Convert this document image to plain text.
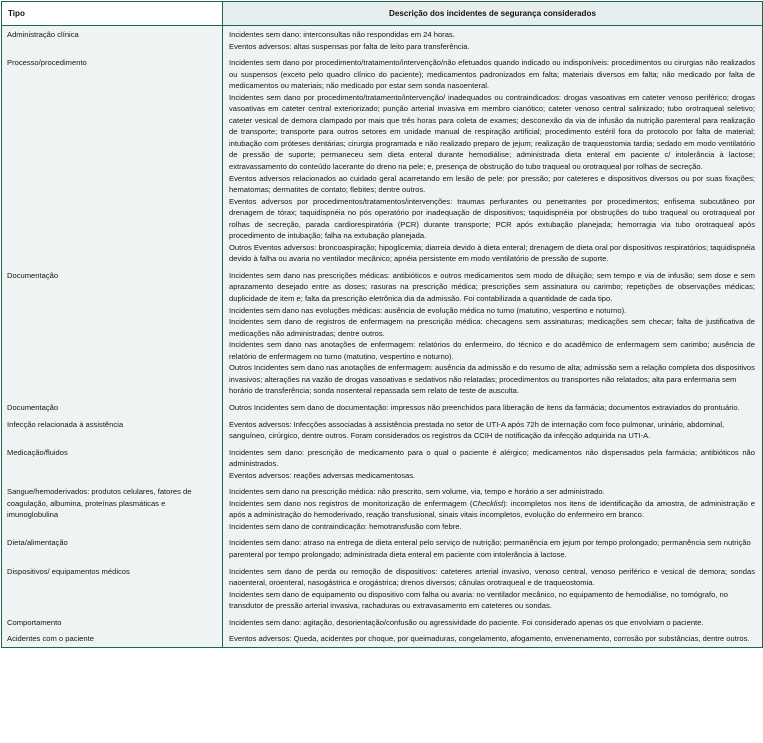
Tipo	Descrição dos incidentes de segurança considerados

Administração clínica	Incidentes sem dano: interconsultas não respondidas em 24 horas.

Eventos adversos: altas suspensas por falta de leito para transferência.

Processo/procedimento	Incidentes sem dano por procedimento/tratamento/intervenção/não efetuados quando indicado ou indisponíveis: procedimentos ou cirurgias não realizados ou suspensos (exceto pelo quadro clínico do paciente); medicamentos padronizados em falta; materiais diversos em falta; não medicado por falta de medicamentos ou materiais; não medicado por estar sem sonda nasoenteral.

Incidentes sem dano por procedimento/tratamento/intervenção/ inadequados ou contraindicados: drogas vasoativas em cateter venoso periférico; drogas vasoativas em cateter central exteriorizado; punção arterial invasiva em membro cianótico; cateter venoso central salinizado; tubo orotraqueal seletivo; cateter vesical de demora clampado por mais que três horas para coleta de exames; desconexão da via de infusão da nutrição parenteral para realização de transporte; transporte para outros setores em unidade manual de respiração artificial; procedimento estéril fora do protocolo por falta de material; intubação com próteses dentárias; cirurgia programada e não realizado preparo de jejum; realização de traqueostomia tardia; sedado em modo ventilatório de pressão de suporte; permaneceu sem dieta enteral durante hemodiálise; administrada dieta enteral em paciente c/ intolerância à lactose; extravassamento do conteúdo lacerante do dreno na pele; e, presença de obstrução do tubo traqueal ou orotraqueal por rolhas de secreção.

Eventos adversos relacionados ao cuidado geral acarretando em lesão de pele: por pressão; por cateteres e dispositivos diversos ou por suas fixações; hematomas; dermatites de contato; flebites; dentre outros.

Eventos adversos por procedimentos/tratamentos/intervenções: traumas perfurantes ou penetrantes por procedimentos; enfisema subcutâneo por drenagem de tórax; taquidispnéia no pós operatório por inadequação de dispositivos; taquidispnéia por obstruções do tubo traqueal ou orotraqueal por rolhas de secreção, parada cardiorespiratória (PCR) durante transporte; PCR após extubação planejada; hemorragia via tubo orotraqueal após procedimento de intubação; falha na extubação planejada.

Outros Eventos adversos: broncoaspiração; hipoglicemia; diarreia devido à dieta enteral; drenagem de dieta oral por dispositivos respiratórios; taquidispnéia devido à falha ou avaria no ventilador mecânico; apnéia persistente em modo ventilatório de pressão de suporte.

Documentação	Incidentes sem dano nas prescrições médicas: antibióticos e outros medicamentos sem modo de diluição; sem tempo e via de infusão; sem dose e sem aprazamento desejado entre as doses; rasuras na prescrição médica; prescrições sem assinatura ou carimbo; repetições de observações médicas; duplicidade de item e; falta da prescrição eletrônica dia da admissão. Foi contabilizada a quantidade de cada tipo.

Incidentes sem dano nas evoluções médicas: ausência de evolução médica no turno (matutino, vespertino e noturno).

Incidentes sem dano de registros de enfermagem na prescrição médica: checagens sem assinaturas; medicações sem checar; falta de justificativa de medicações não administradas; dentre outros.

Incidentes sem dano nas anotações de enfermagem: relatórios do enfermeiro, do técnico e do acadêmico de enfermagem sem carimbo; ausência de relatório de enfermagem no turno (matutino, vespertino e noturno).

Outros Incidentes sem dano nas anotações de enfermagem: ausência da admissão e do resumo de alta; admissão sem a relação completa dos dispositivos invasivos; alterações na vazão de drogas vasoativas e sedativos não relatadas; procedimentos ou transportes não relatados; alta para enfermaria sem horário de transferência; sonda nosenteral repassada sem relato de teste de ausculta.

Documentação	Outros Incidentes sem dano de documentação: impressos não preenchidos para liberação de itens da farmácia; documentos extraviados do prontuário.

Infecção relacionada à assistência	Eventos adversos: Infecções associadas à assistência prestada no setor de UTI-A após 72h de internação com foco pulmonar, urinário, abdominal, sanguíneo, cirúrgico, dentre outros. Foram considerados os registros da CCIH de notificação da infecção adquirida na UTI-A.

Medicação/fluidos	Incidentes sem dano: prescrição de medicamento para o qual o paciente é alérgico; medicamentos não dispensados pela farmácia; antibióticos não administrados.

Eventos adversos: reações adversas medicamentosas.

Sangue/hemoderivados: produtos celulares, fatores de coagulação, albumina, proteínas plasmáticas e imunoglobulina	Incidentes sem dano na prescrição médica: não prescrito, sem volume, via, tempo e horário a ser administrado.

Incidentes sem dano nos registros de monitorização de enfermagem (Checklist): incompletos nos itens de identificação da amostra, de administração e após a administração do hemoderivado, reação transfusional, sinais vitais incompletos, evolução do enfermeiro em branco.

Incidentes sem dano de contraindicação: hemotransfusão com febre.

Dieta/alimentação	Incidentes sem dano: atraso na entrega de dieta enteral pelo serviço de nutrição; permanência em jejum por tempo prolongado; permanência sem nutrição parenteral por tempo prolongado; administrada dieta enteral em paciente com intolerância à lactose.

Dispositivos/ equipamentos médicos	Incidentes sem dano de perda ou remoção de dispositivos: cateteres arterial invasivo, venoso central, venoso periférico e vesical de demora; sondas naoenteral, oroenteral, nasogástrica e orogástrica; drenos diversos; cânulas orotraqueal e de traqueostomia.

Incidentes sem dano de equipamento ou dispositivo com falha ou avaria: no ventilador mecânico, no equipamento de hemodiálise, no tomógrafo, no transdutor de pressão arterial invasiva, rachaduras ou extravasamento em cateteres ou sondas.

Comportamento	Incidentes sem dano: agitação, desorientação/confusão ou agressividade do paciente. Foi considerado apenas os que envolviam o paciente.

Acidentes com o paciente	Eventos adversos: Queda, acidentes por choque, por queimaduras, congelamento, afogamento, envenenamento, corrosão por substâncias, dentre outros.
